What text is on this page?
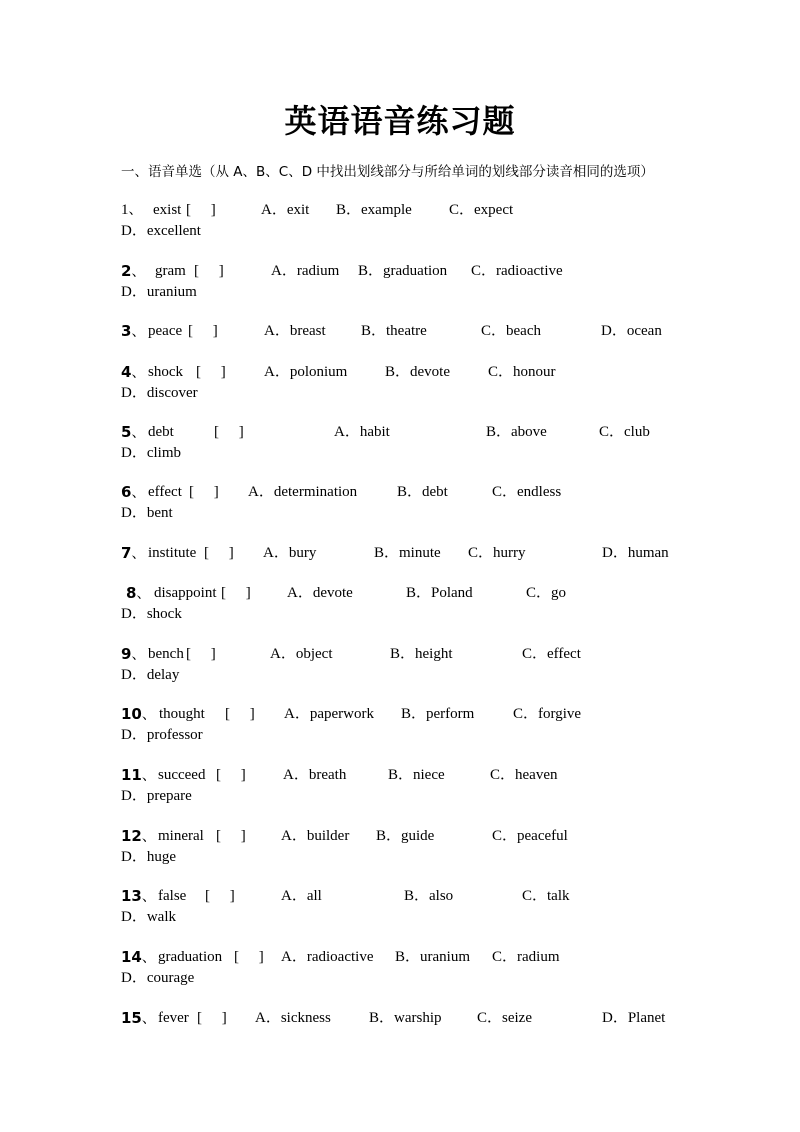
英语语音练习题
一、语音单选（从 A、B、C、D 中找出划线部分与所给单词的划线部分读音相同的选项）
1、 exist [ ]	A．exit B．example C．expect
D．excellent
2、 gram [ ]	A．radium B．graduation C．radioactive
D．uranium
3、 peace [ ]	A．breast B．theatre	C．beach	D．ocean
4、 shock [ ]	A．polonium	B．devote	C．honour
D．discover
5、 debt	[ ]	A．habit	B．above	C．club
D．climb
6、 effect [ ] A．determination	B．debt	C．endless
D．bent
7、 institute [ ] A．bury	B．minute C．hurry	D．human
8、 disappoint [ ] A．devote	B．Poland	C．go
D．shock
9、 bench [ ]	A．object	B．height	C．effect
D．delay
10、 thought [ ] A．paperwork B．perform	C．forgive
D．professor
11、 succeed [ ] A．breath	B．niece	C．heaven
D．prepare
12、 mineral [ ] A．builder B．guide	C．peaceful
D．huge
13、 false [ ]	A．all	B．also	C．talk
D．walk
14、 graduation [ ] A．radioactive B．uranium C．radium
D．courage
15、 fever [ ] A．sickness	B．warship C．seize	D．Planet
